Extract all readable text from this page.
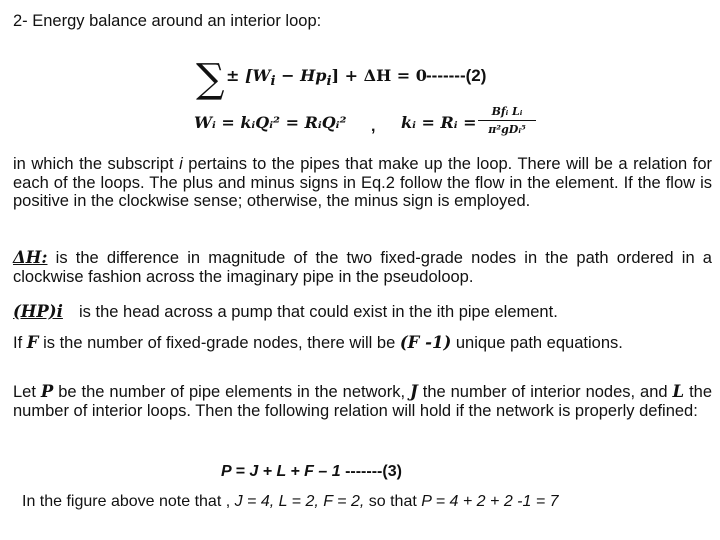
2- Energy balance around an interior loop:
∑ ± $[W_i - Hp_i] + \Delta H = 0$ -------(2)
Wᵢ = kᵢQᵢ² = RᵢQᵢ² , kᵢ = Rᵢ =
Bfᵢ Lᵢ
π²gDᵢ⁵

in which the subscript i pertains to the pipes that make up the loop. There will be a relation for each of the loops. The plus and minus signs in Eq.2 follow the flow in the element. If the flow is positive in the clockwise sense; otherwise, the minus sign is employed.

ΔH: is the difference in magnitude of the two fixed-grade nodes in the path ordered in a clockwise fashion across the imaginary pipe in the pseudoloop.

(HP)i is the head across a pump that could exist in the ith pipe element.

If F is the number of fixed-grade nodes, there will be (F -1) unique path equations.

Let P be the number of pipe elements in the network, J the number of interior nodes, and L the number of interior loops. Then the following relation will hold if the network is properly defined:

P = J + L + F – 1 -------(3)
In the figure above note that , J = 4, L = 2, F = 2, so that P = 4 + 2 + 2 -1 = 7
